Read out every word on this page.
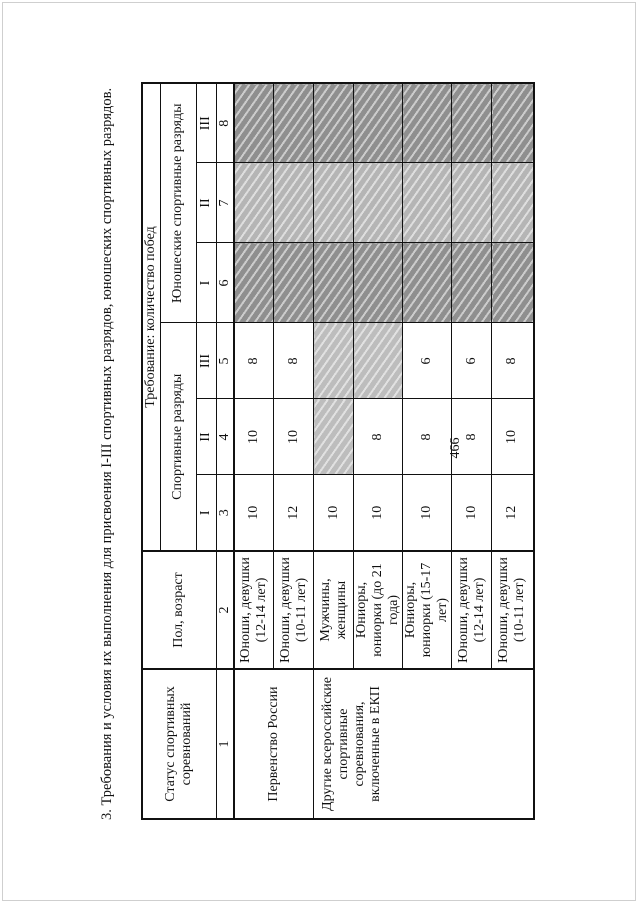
466
3. Требования и условия их выполнения для присвоения I-III спортивных разрядов, юношеских спортивных разрядов.	Статус спортивных соревнований	Пол, возраст	Требование: количество побед					
		Спортивные разряды			Юношеские спортивные разряды		
		I	II	III	I	II	III
1	2	3	4	5	6	7	8
Первенство России	Юноши, девушки (12-14 лет)	10	10	8			
	Юноши, девушки (10-11 лет)	12	10	8			
Другие всероссийские спортивные соревнования, включенные в ЕКП	Мужчины, женщины	10					
	Юниоры, юниорки (до 21 года)	10	8				
	Юниоры, юниорки (15-17 лет)	10	8	6			
	Юноши, девушки (12-14 лет)	10	8	6			
	Юноши, девушки (10-11 лет)	12	10	8			
